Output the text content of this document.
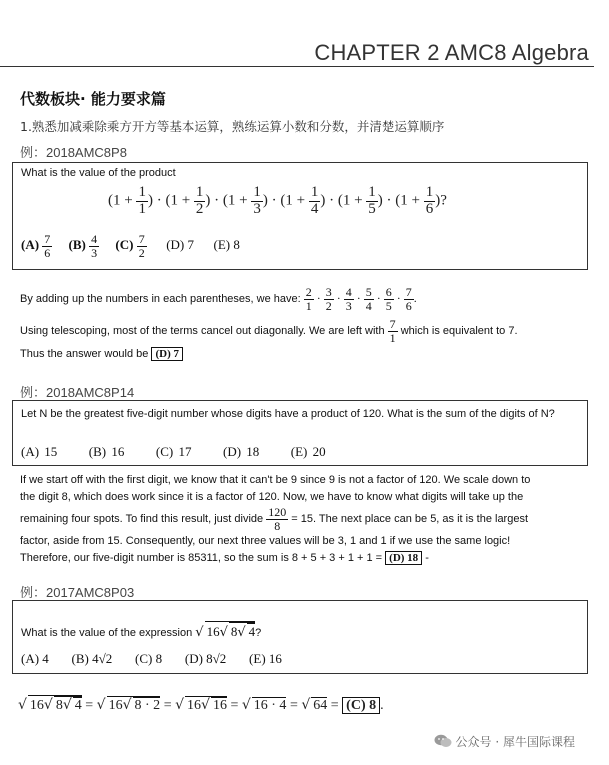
CHAPTER 2 AMC8 Algebra
代数板块· 能力要求篇
1.熟悉加减乘除乘方开方等基本运算，熟练运算小数和分数，并清楚运算顺序
例：2018AMC8P8
What is the value of the product
($1 + \frac{1}{1}$ ) · ($1 + \frac{1}{2}$ ) · ($1 + \frac{1}{3}$ ) · ($1 + \frac{1}{4}$ ) · ($1 + \frac{1}{5}$ ) · ($1 + \frac{1}{6}$ )?
$(A) \frac{7}{6} (B) \frac{4}{3} (C) \frac{7}{2} (D)$ 7 (E) 8
By adding up the numbers in each parentheses, we have: $\frac{2}{1} \cdot \frac{3}{2} \cdot \frac{4}{3} \cdot \frac{5}{4} \cdot \frac{6}{5} \cdot \frac{7}{6}$ .
Using telescoping, most of the terms cancel out diagonally. We are left with $\frac{7}{1}$ which is equivalent to 7.
Thus the answer would be (D) 7
例：2018AMC8P14
Let N be the greatest five-digit number whose digits have a product of 120. What is the sum of the digits of N?
(A) 15 (B) 16 (C) 17 (D) 18 (E) 20
If we start off with the first digit, we know that it can't be 9 since 9 is not a factor of 120. We scale down to
the digit 8, which does work since it is a factor of 120. Now, we have to know what digits will take up the
remaining four spots. To find this result, just divide $\frac{120}{8} = 15$. The next place can be 5, as it is the largest
factor, aside from 15. Consequently, our next three values will be 3, 1 and 1 if we use the same logic!
Therefore, our five-digit number is 85311, so the sum is 8 + 5 + 3 + 1 + 1 = (D) 18 -
例：2017AMC8P03
What is the value of the expression √ 16√ 8√ 4?
(A) 4 (B) 4√2 (C) 8 (D) 8√2 (E) 16
√ 16√ 8√ 4 = √ 16√ 8 · 2 = √ 16√ 16 = √ 16 · 4 = √ 64 = (C) 8 .
公众号 · 犀牛国际课程
